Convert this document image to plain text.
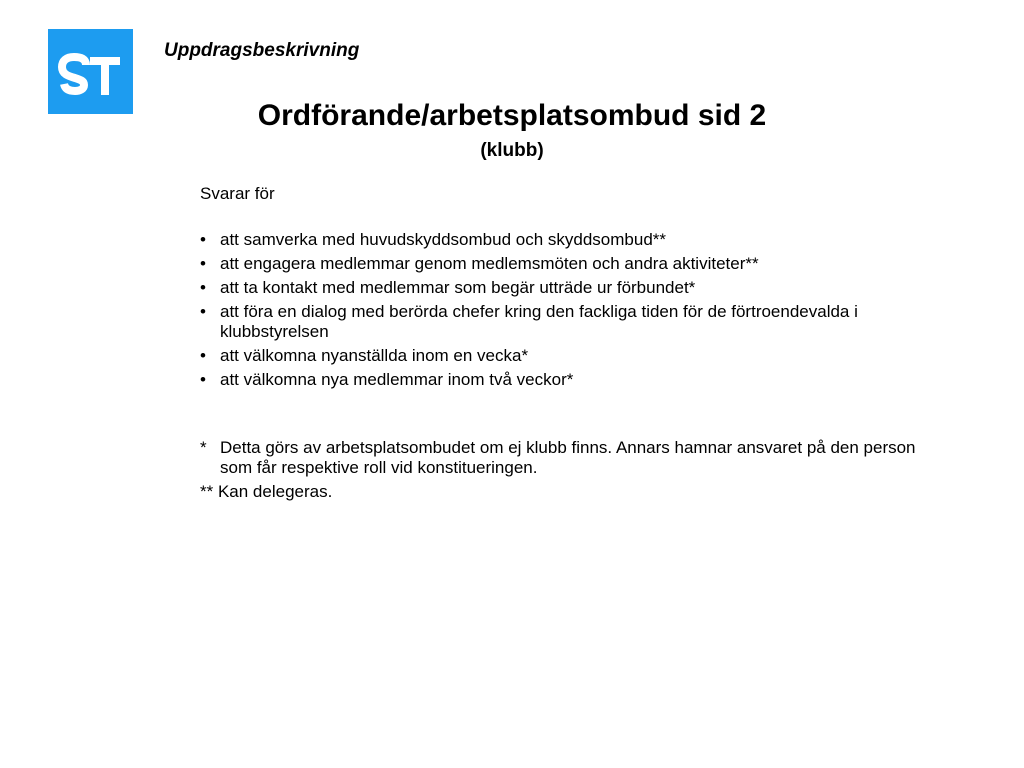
Uppdragsbeskrivning
Ordförande/arbetsplatsombud sid 2
(klubb)

Svarar för

• att samverka med huvudskyddsombud och skyddsombud**
• att engagera medlemmar genom medlemsmöten och andra aktiviteter**
• att ta kontakt med medlemmar som begär utträde ur förbundet*
• att föra en dialog med berörda chefer kring den fackliga tiden för de förtroendevalda i klubbstyrelsen
• att välkomna nyanställda inom en vecka*
• att välkomna nya medlemmar inom två veckor*
* Detta görs av arbetsplatsombudet om ej klubb finns. Annars hamnar ansvaret på den person som får respektive roll vid konstitueringen.
** Kan delegeras.
